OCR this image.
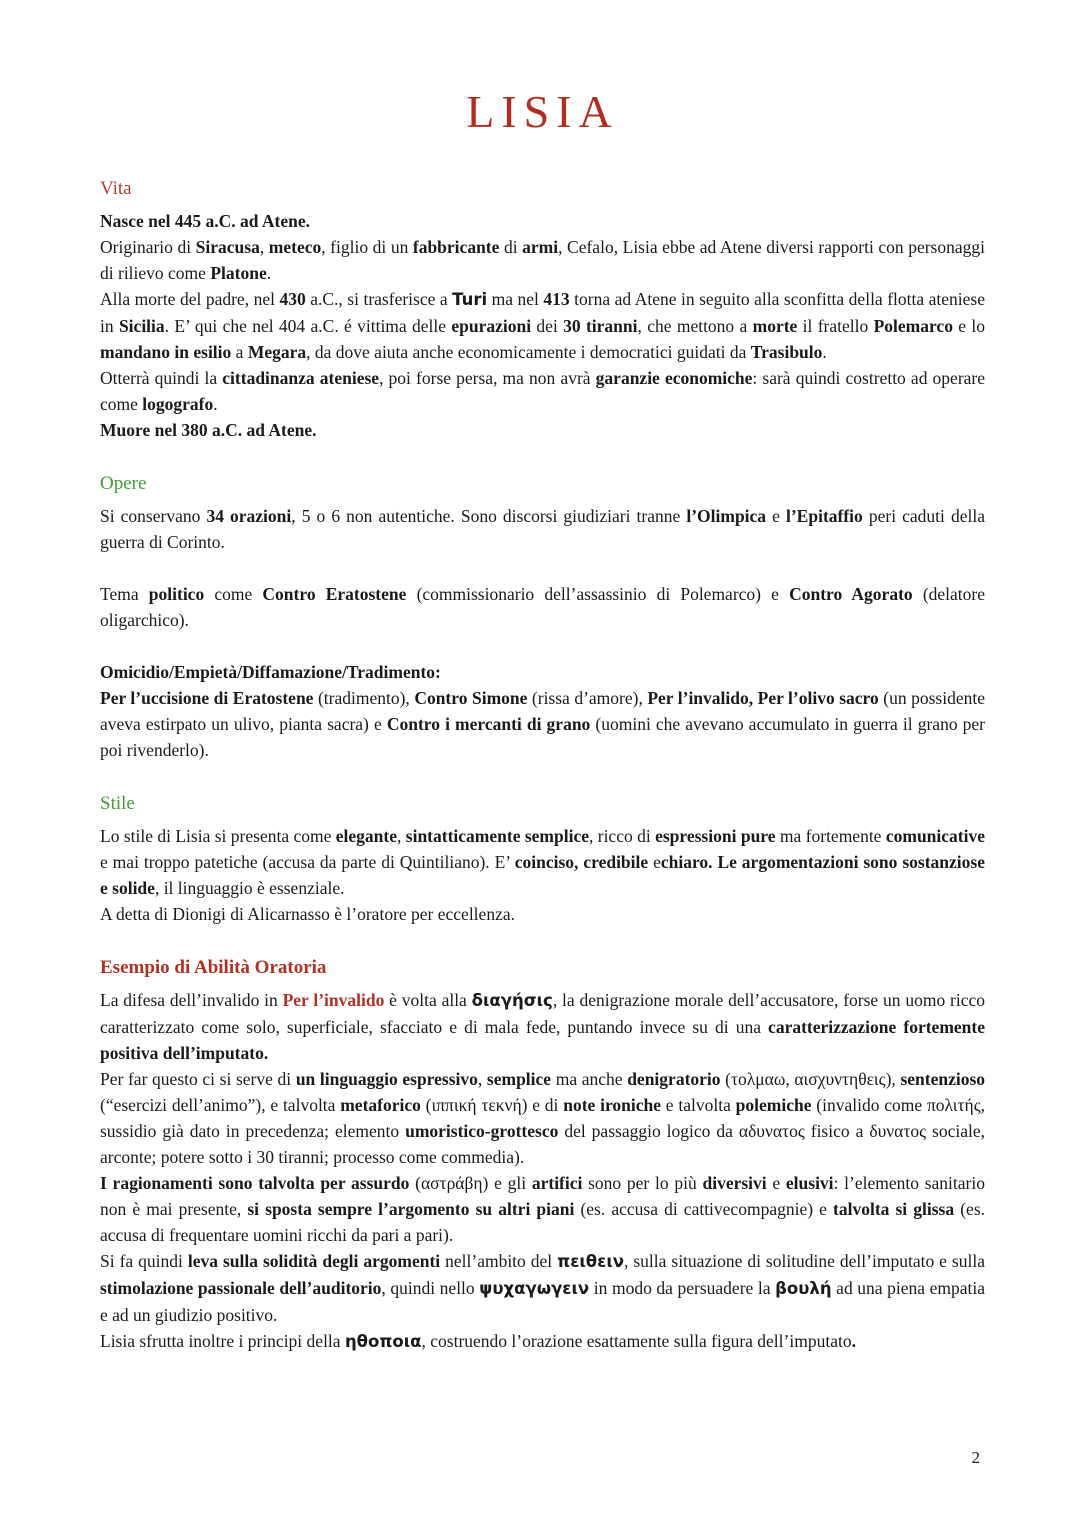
LISIA
Vita

Nasce nel 445 a.C. ad Atene.

Originario di Siracusa, meteco, figlio di un fabbricante di armi, Cefalo, Lisia ebbe ad Atene diversi rapporti con personaggi di rilievo come Platone.

Alla morte del padre, nel 430 a.C., si trasferisce a Turi ma nel 413 torna ad Atene in seguito alla sconfitta della flotta ateniese in Sicilia. E’ qui che nel 404 a.C. é vittima delle epurazioni dei 30 tiranni, che mettono a morte il fratello Polemarco e lo mandano in esilio a Megara, da dove aiuta anche economicamente i democratici guidati da Trasibulo.

Otterrà quindi la cittadinanza ateniese, poi forse persa, ma non avrà garanzie economiche: sarà quindi costretto ad operare come logografo.

Muore nel 380 a.C. ad Atene.

Opere

Si conservano 34 orazioni, 5 o 6 non autentiche. Sono discorsi giudiziari tranne l’Olimpica e l’Epitaffio peri caduti della guerra di Corinto.

Tema politico come Contro Eratostene (commissionario dell’assassinio di Polemarco) e Contro Agorato (delatore oligarchico).

Omicidio/Empietà/Diffamazione/Tradimento:

Per l’uccisione di Eratostene (tradimento), Contro Simone (rissa d’amore), Per l’invalido, Per l’olivo sacro (un possidente aveva estirpato un ulivo, pianta sacra) e Contro i mercanti di grano (uomini che avevano accumulato in guerra il grano per poi rivenderlo).

Stile

Lo stile di Lisia si presenta come elegante, sintatticamente semplice, ricco di espressioni pure ma fortemente comunicative e mai troppo patetiche (accusa da parte di Quintiliano). E’ coinciso, credibile echiaro. Le argomentazioni sono sostanziose e solide, il linguaggio è essenziale.

A detta di Dionigi di Alicarnasso è l’oratore per eccellenza.

Esempio di Abilità Oratoria

La difesa dell’invalido in Per l’invalido è volta alla διαγήσις, la denigrazione morale dell’accusatore, forse un uomo ricco caratterizzato come solo, superficiale, sfacciato e di mala fede, puntando invece su di una caratterizzazione fortemente positiva dell’imputato.

Per far questo ci si serve di un linguaggio espressivo, semplice ma anche denigratorio (τολμαω, αισχυντηθεις), sentenzioso (“esercizi dell’animo”), e talvolta metaforico (ιππική τεκνή) e di note ironiche e talvolta polemiche (invalido come πολιτής, sussidio già dato in precedenza; elemento umoristico-grottesco del passaggio logico da αδυνατος fisico a δυνατος sociale, arconte; potere sotto i 30 tiranni; processo come commedia).

I ragionamenti sono talvolta per assurdo (αστράβη) e gli artifici sono per lo più diversivi e elusivi: l’elemento sanitario non è mai presente, si sposta sempre l’argomento su altri piani (es. accusa di cattivecompagnie) e talvolta si glissa (es. accusa di frequentare uomini ricchi da pari a pari).

Si fa quindi leva sulla solidità degli argomenti nell’ambito del πειθειν, sulla situazione di solitudine dell’imputato e sulla stimolazione passionale dell’auditorio, quindi nello ψυχαγωγειν in modo da persuadere la βουλή ad una piena empatia e ad un giudizio positivo.

Lisia sfrutta inoltre i principi della ηθοποια, costruendo l’orazione esattamente sulla figura dell’imputato.

2
